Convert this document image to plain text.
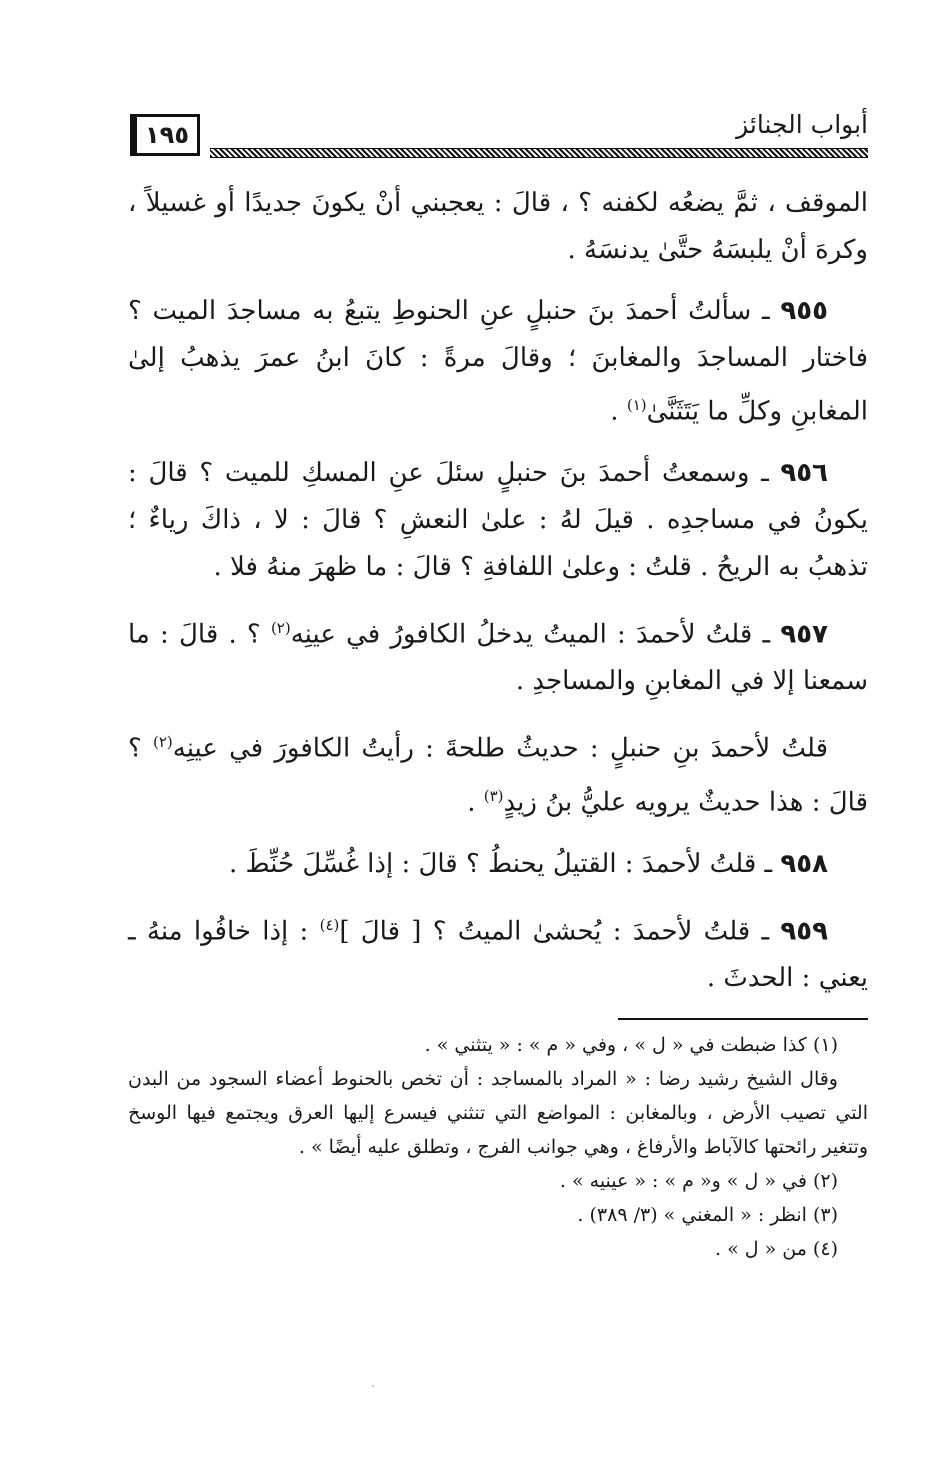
١٩٥	أبواب الجنائز

الموقف ، ثمَّ يضعُه لكفنه ؟ ، قالَ : يعجبني أنْ يكونَ جديدًا أو غسيلاً ، وكرهَ أنْ يلبسَهُ حتَّىٰ يدنسَهُ .

٩٥٥ ـ سألتُ أحمدَ بنَ حنبلٍ عنِ الحنوطِ يتبعُ به مساجدَ الميت ؟ فاختار المساجدَ والمغابنَ ؛ وقالَ مرةً : كانَ ابنُ عمرَ يذهبُ إلىٰ المغابنِ وكلِّ ما يَتَثَنَّىٰ$^{(١)}$ .

٩٥٦ ـ وسمعتُ أحمدَ بنَ حنبلٍ سئلَ عنِ المسكِ للميت ؟ قالَ : يكونُ في مساجدِه . قيلَ لهُ : علىٰ النعشِ ؟ قالَ : لا ، ذاكَ رياءٌ ؛ تذهبُ به الريحُ . قلتُ : وعلىٰ اللفافةِ ؟ قالَ : ما ظهرَ منهُ فلا .

٩٥٧ ـ قلتُ لأحمدَ : الميتُ يدخلُ الكافورُ في عينِه$^{(٢)}$ ؟ . قالَ : ما سمعنا إلا في المغابنِ والمساجدِ .

قلتُ لأحمدَ بنِ حنبلٍ : حديثُ طلحةَ : رأيتُ الكافورَ في عينِه$^{(٢)}$ ؟ قالَ : هذا حديثٌ يرويه عليُّ بنُ زيدٍ$^{(٣)}$ .

٩٥٨ ـ قلتُ لأحمدَ : القتيلُ يحنطُ ؟ قالَ : إذا غُسِّلَ حُنِّطَ .

٩٥٩ ـ قلتُ لأحمدَ : يُحشىٰ الميتُ ؟ [ قالَ ]$^{(٤)}$ : إذا خافُوا منهُ ـ يعني : الحدثَ .

(١) كذا ضبطت في « ل » ، وفي « م » : « يتثني » .

وقال الشيخ رشيد رضا : « المراد بالمساجد : أن تخص بالحنوط أعضاء السجود من البدن التي تصيب الأرض ، وبالمغابن : المواضع التي تنثني فيسرع إليها العرق ويجتمع فيها الوسخ وتتغير رائحتها كالآباط والأرفاغ ، وهي جوانب الفرج ، وتطلق عليه أيضًا » .

(٢) في « ل » و« م » : « عينيه » .

(٣) انظر : « المغني » (٣/ ٣٨٩) .

(٤) من « ل » .
